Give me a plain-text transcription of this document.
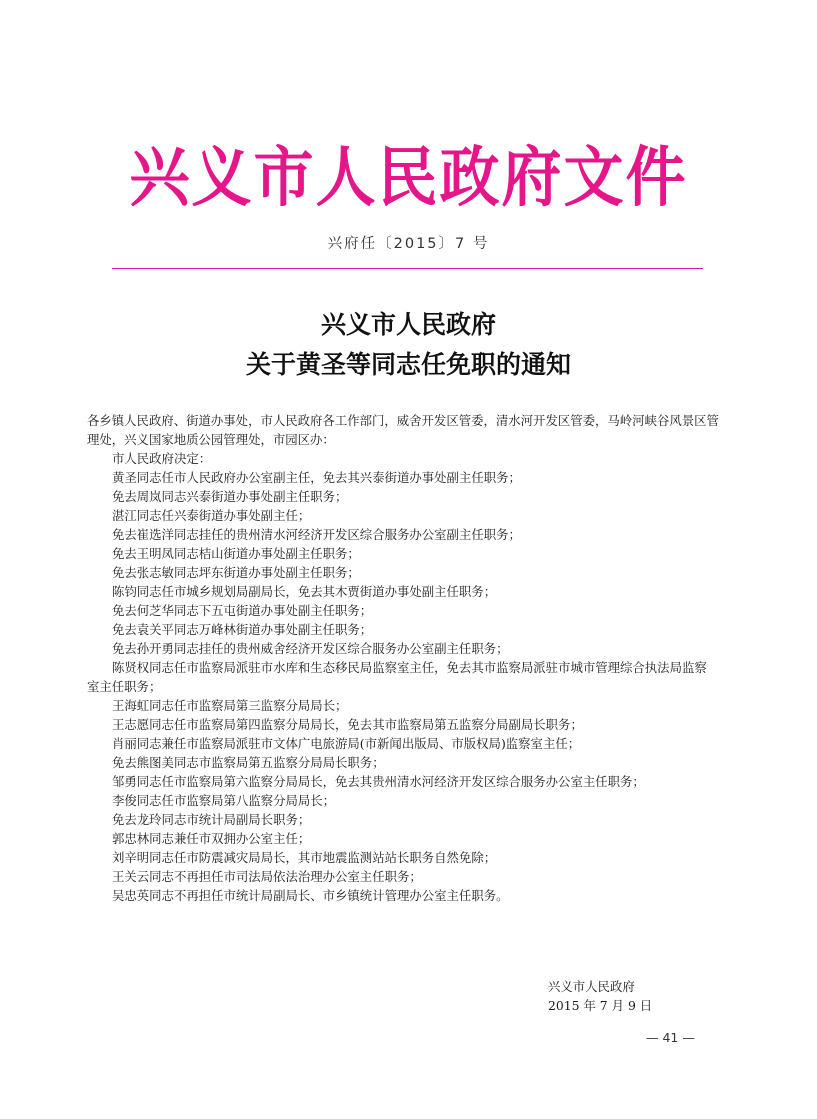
兴义市人民政府文件
兴府任〔2015〕7 号
兴义市人民政府
关于黄圣等同志任免职的通知

各乡镇人民政府、街道办事处，市人民政府各工作部门，威舍开发区管委，清水河开发区管委，马岭河峡谷风景区管理处，兴义国家地质公园管理处，市园区办：

市人民政府决定：

黄圣同志任市人民政府办公室副主任，免去其兴泰街道办事处副主任职务；

免去周岚同志兴泰街道办事处副主任职务；

湛江同志任兴泰街道办事处副主任；

免去崔选洋同志挂任的贵州清水河经济开发区综合服务办公室副主任职务；

免去王明凤同志桔山街道办事处副主任职务；

免去张志敏同志坪东街道办事处副主任职务；

陈钧同志任市城乡规划局副局长，免去其木贾街道办事处副主任职务；

免去何芝华同志下五屯街道办事处副主任职务；

免去袁关平同志万峰林街道办事处副主任职务；

免去孙开勇同志挂任的贵州威舍经济开发区综合服务办公室副主任职务；

陈贤权同志任市监察局派驻市水库和生态移民局监察室主任，免去其市监察局派驻市城市管理综合执法局监察室主任职务；

王海虹同志任市监察局第三监察分局局长；

王志愿同志任市监察局第四监察分局局长，免去其市监察局第五监察分局副局长职务；

肖丽同志兼任市监察局派驻市文体广电旅游局(市新闻出版局、市版权局)监察室主任；

免去熊图美同志市监察局第五监察分局局长职务；

邹勇同志任市监察局第六监察分局局长，免去其贵州清水河经济开发区综合服务办公室主任职务；

李俊同志任市监察局第八监察分局局长；

免去龙玲同志市统计局副局长职务；

郭忠林同志兼任市双拥办公室主任；

刘辛明同志任市防震减灾局局长，其市地震监测站站长职务自然免除；

王关云同志不再担任市司法局依法治理办公室主任职务；

吴忠英同志不再担任市统计局副局长、市乡镇统计管理办公室主任职务。

兴义市人民政府
2015 年 7 月 9 日
— 41 —
